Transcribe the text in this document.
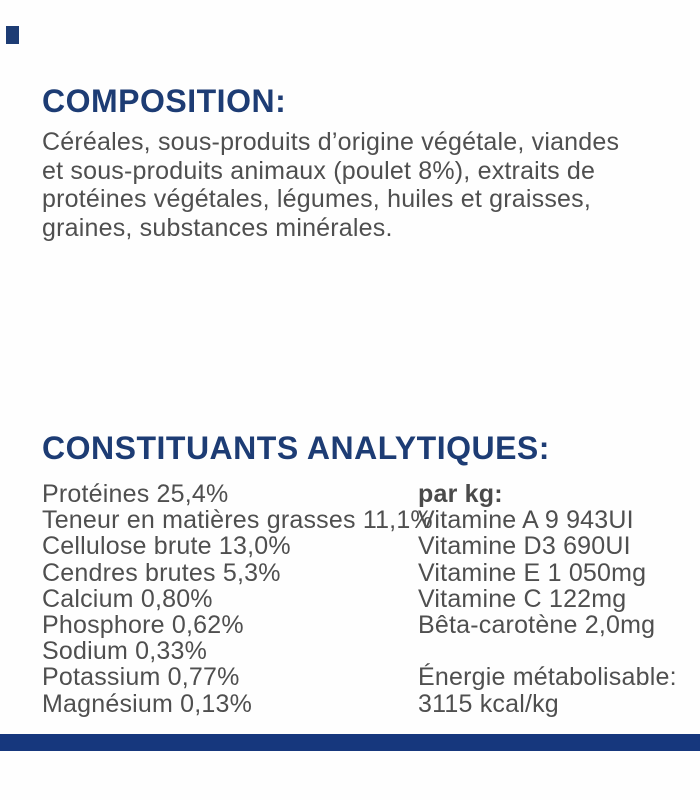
COMPOSITION:
Céréales, sous-produits d’origine végétale, viandes
et sous-produits animaux (poulet 8%), extraits de
protéines végétales, légumes, huiles et graisses,
graines, substances minérales.
CONSTITUANTS ANALYTIQUES:
Protéines 25,4%
Teneur en matières grasses 11,1%
Cellulose brute 13,0%
Cendres brutes 5,3%
Calcium 0,80%
Phosphore 0,62%
Sodium 0,33%
Potassium 0,77%
Magnésium 0,13%
par kg:
Vitamine A 9 943UI
Vitamine D3 690UI
Vitamine E 1 050mg
Vitamine C 122mg
Bêta-carotène 2,0mg
Énergie métabolisable:
3115 kcal/kg
